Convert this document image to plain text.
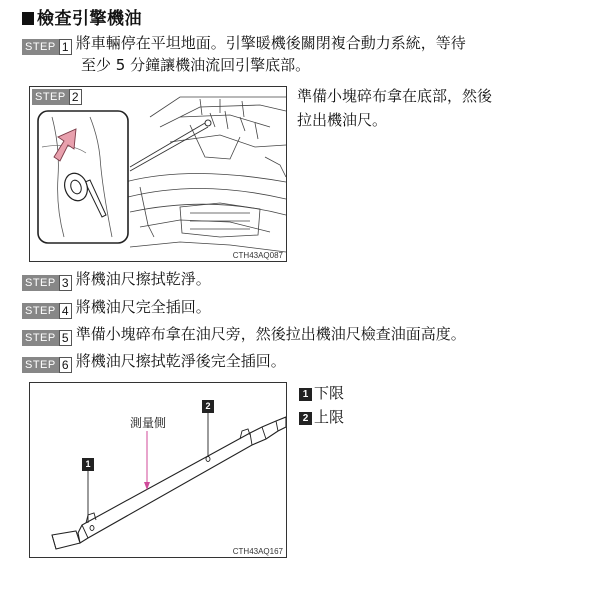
檢查引擎機油
STEP 1 將車輛停在平坦地面。引擎暖機後關閉複合動力系統，等待
至少 5 分鐘讓機油流回引擎底部。
STEP 2
CTH43AQ087
準備小塊碎布拿在底部，然後
拉出機油尺。
STEP 3 將機油尺擦拭乾淨。
STEP 4 將機油尺完全插回。
STEP 5 準備小塊碎布拿在油尺旁，然後拉出機油尺檢查油面高度。
STEP 6 將機油尺擦拭乾淨後完全插回。
1
2
測量側
CTH43AQ167
1 下限
2 上限
